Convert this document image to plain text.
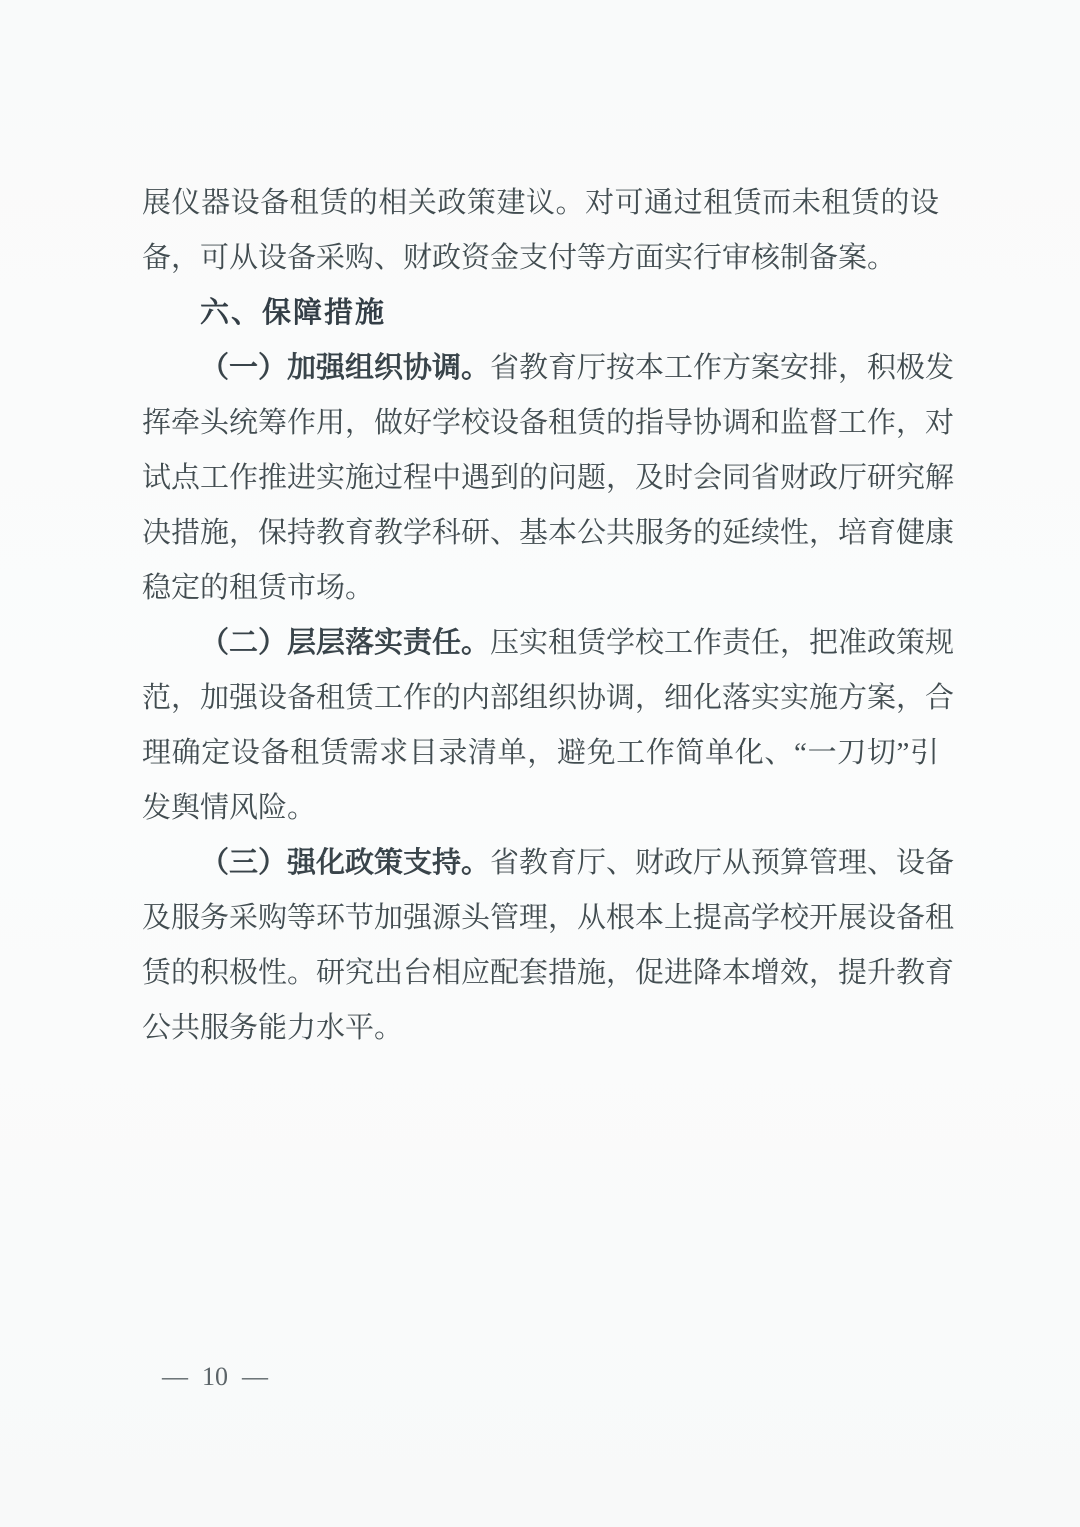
展仪器设备租赁的相关政策建议。对可通过租赁而未租赁的设
备，可从设备采购、财政资金支付等方面实行审核制备案。
六、保障措施
（一）加强组织协调。省教育厅按本工作方案安排，积极发
挥牵头统筹作用，做好学校设备租赁的指导协调和监督工作，对
试点工作推进实施过程中遇到的问题，及时会同省财政厅研究解
决措施，保持教育教学科研、基本公共服务的延续性，培育健康
稳定的租赁市场。
（二）层层落实责任。压实租赁学校工作责任，把准政策规
范，加强设备租赁工作的内部组织协调，细化落实实施方案，合
理确定设备租赁需求目录清单，避免工作简单化、“一刀切”引
发舆情风险。
（三）强化政策支持。省教育厅、财政厅从预算管理、设备
及服务采购等环节加强源头管理，从根本上提高学校开展设备租
赁的积极性。研究出台相应配套措施，促进降本增效，提升教育
公共服务能力水平。
— 10 —
